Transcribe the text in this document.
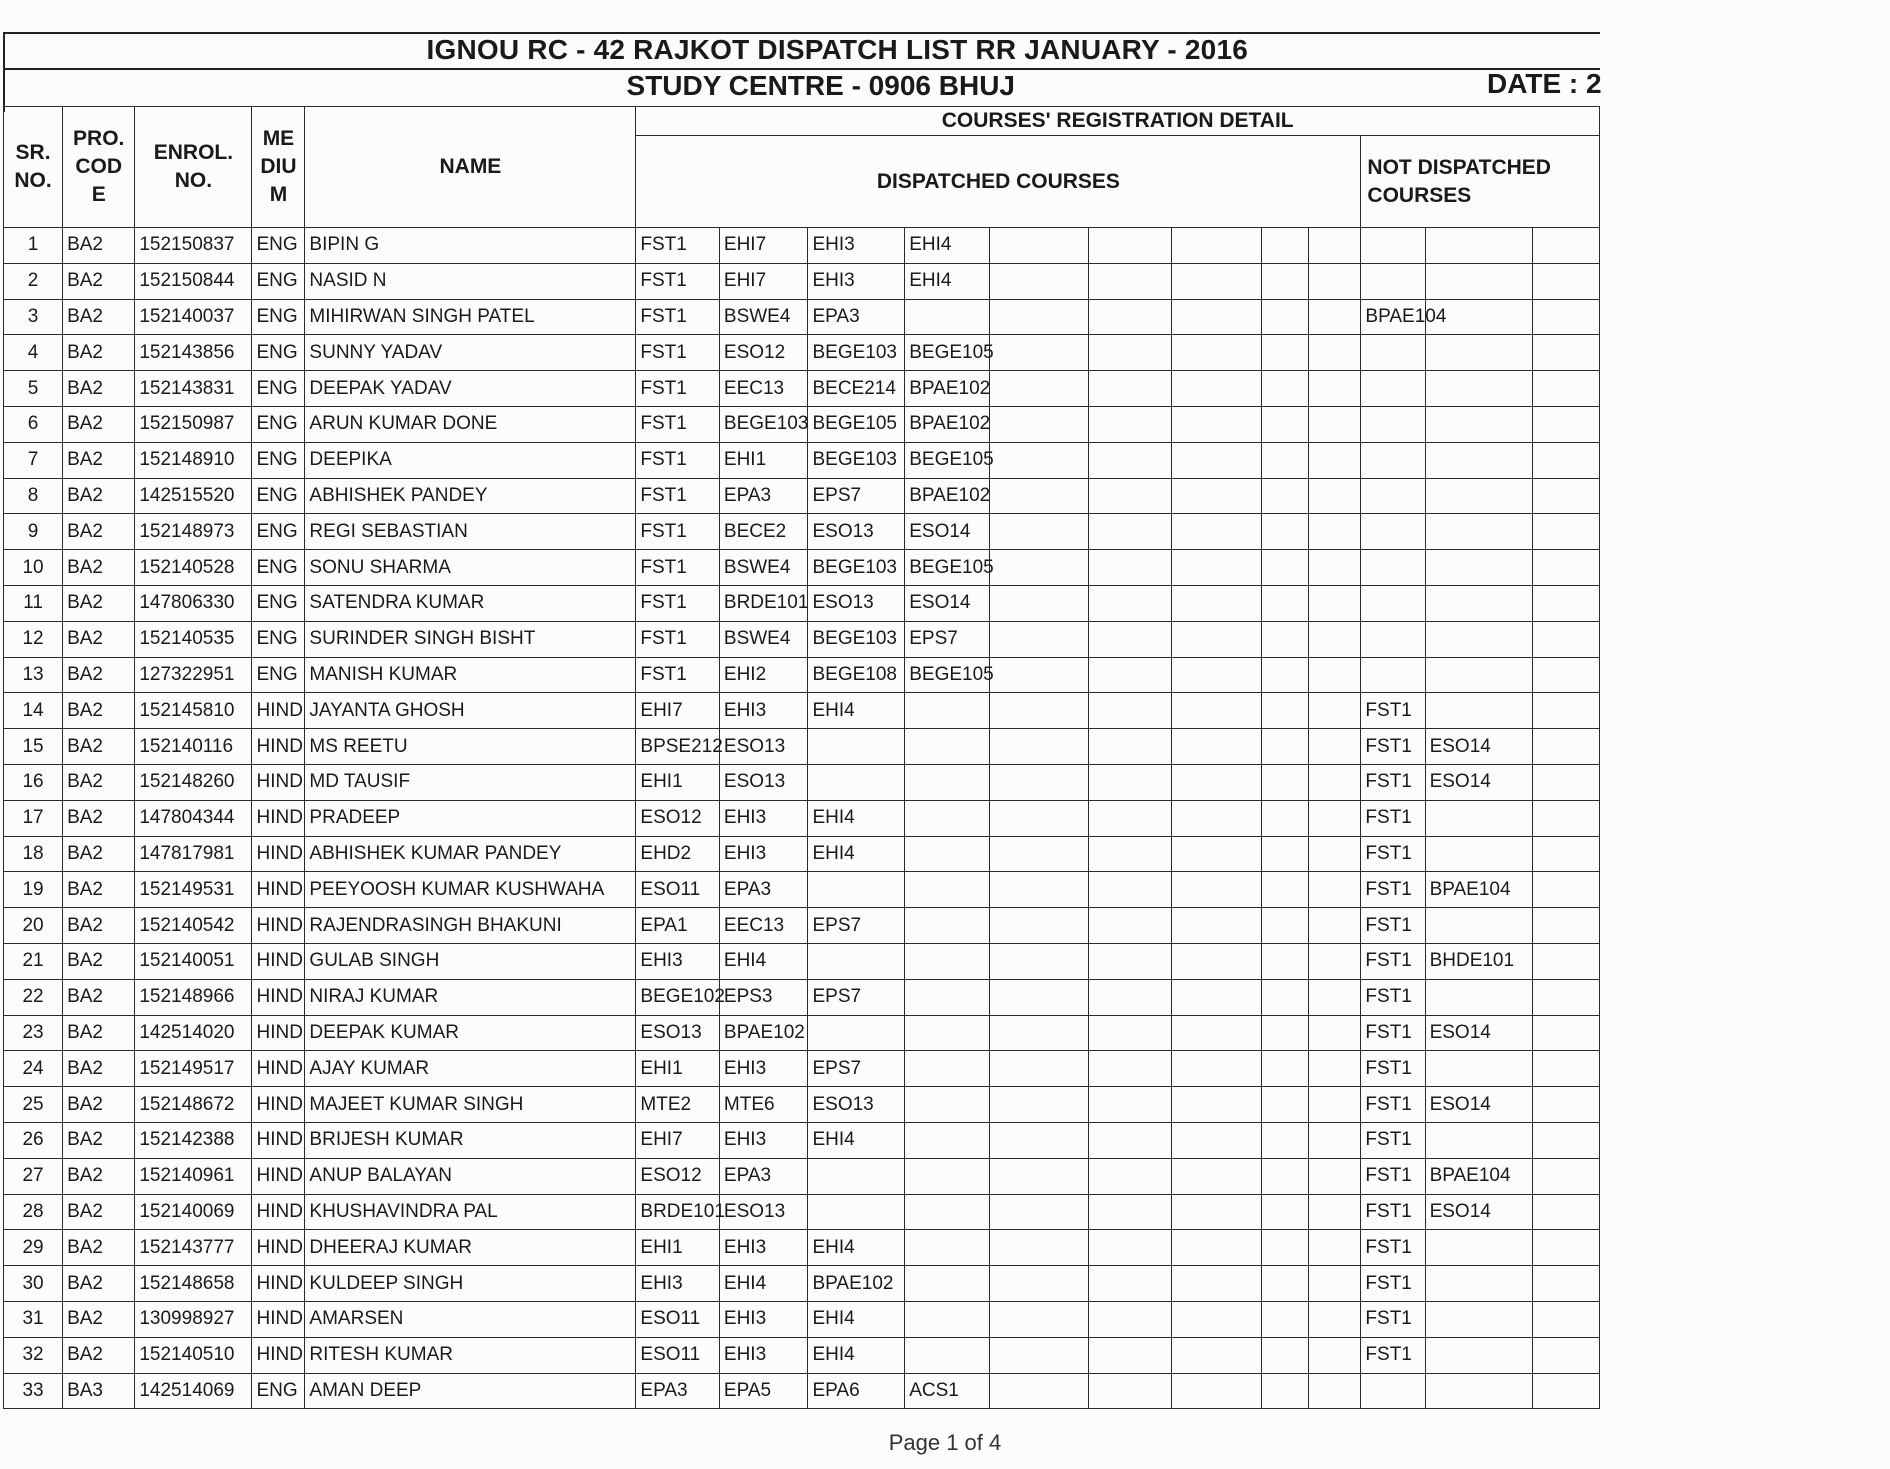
IGNOU RC - 42 RAJKOT DISPATCH LIST RR JANUARY - 2016
STUDY CENTRE - 0906 BHUJ	DATE : 2
SR. NO.	PRO. COD E	ENROL. NO.	ME DIU M	NAME	COURSES' REGISTRATION DETAIL											
					DISPATCHED COURSES									NOT DISPATCHED COURSES		
1	BA2	152150837	ENG	BIPIN G	FST1	EHI7	EHI3	EHI4								
2	BA2	152150844	ENG	NASID N	FST1	EHI7	EHI3	EHI4								
3	BA2	152140037	ENG	MIHIRWAN SINGH PATEL	FST1	BSWE4	EPA3							BPAE104		
4	BA2	152143856	ENG	SUNNY YADAV	FST1	ESO12	BEGE103	BEGE105								
5	BA2	152143831	ENG	DEEPAK YADAV	FST1	EEC13	BECE214	BPAE102								
6	BA2	152150987	ENG	ARUN KUMAR DONE	FST1	BEGE103	BEGE105	BPAE102								
7	BA2	152148910	ENG	DEEPIKA	FST1	EHI1	BEGE103	BEGE105								
8	BA2	142515520	ENG	ABHISHEK PANDEY	FST1	EPA3	EPS7	BPAE102								
9	BA2	152148973	ENG	REGI SEBASTIAN	FST1	BECE2	ESO13	ESO14								
10	BA2	152140528	ENG	SONU SHARMA	FST1	BSWE4	BEGE103	BEGE105								
11	BA2	147806330	ENG	SATENDRA KUMAR	FST1	BRDE101	ESO13	ESO14								
12	BA2	152140535	ENG	SURINDER SINGH BISHT	FST1	BSWE4	BEGE103	EPS7								
13	BA2	127322951	ENG	MANISH KUMAR	FST1	EHI2	BEGE108	BEGE105								
14	BA2	152145810	HIND	JAYANTA GHOSH	EHI7	EHI3	EHI4							FST1		
15	BA2	152140116	HIND	MS REETU	BPSE212	ESO13								FST1	ESO14	
16	BA2	152148260	HIND	MD TAUSIF	EHI1	ESO13								FST1	ESO14	
17	BA2	147804344	HIND	PRADEEP	ESO12	EHI3	EHI4							FST1		
18	BA2	147817981	HIND	ABHISHEK KUMAR PANDEY	EHD2	EHI3	EHI4							FST1		
19	BA2	152149531	HIND	PEEYOOSH KUMAR KUSHWAHA	ESO11	EPA3								FST1	BPAE104	
20	BA2	152140542	HIND	RAJENDRASINGH BHAKUNI	EPA1	EEC13	EPS7							FST1		
21	BA2	152140051	HIND	GULAB SINGH	EHI3	EHI4								FST1	BHDE101	
22	BA2	152148966	HIND	NIRAJ KUMAR	BEGE102	EPS3	EPS7							FST1		
23	BA2	142514020	HIND	DEEPAK KUMAR	ESO13	BPAE102								FST1	ESO14	
24	BA2	152149517	HIND	AJAY KUMAR	EHI1	EHI3	EPS7							FST1		
25	BA2	152148672	HIND	MAJEET KUMAR SINGH	MTE2	MTE6	ESO13							FST1	ESO14	
26	BA2	152142388	HIND	BRIJESH KUMAR	EHI7	EHI3	EHI4							FST1		
27	BA2	152140961	HIND	ANUP BALAYAN	ESO12	EPA3								FST1	BPAE104	
28	BA2	152140069	HIND	KHUSHAVINDRA PAL	BRDE101	ESO13								FST1	ESO14	
29	BA2	152143777	HIND	DHEERAJ KUMAR	EHI1	EHI3	EHI4							FST1		
30	BA2	152148658	HIND	KULDEEP SINGH	EHI3	EHI4	BPAE102							FST1		
31	BA2	130998927	HIND	AMARSEN	ESO11	EHI3	EHI4							FST1		
32	BA2	152140510	HIND	RITESH KUMAR	ESO11	EHI3	EHI4							FST1		
33	BA3	142514069	ENG	AMAN DEEP	EPA3	EPA5	EPA6	ACS1								
Page 1 of 4
